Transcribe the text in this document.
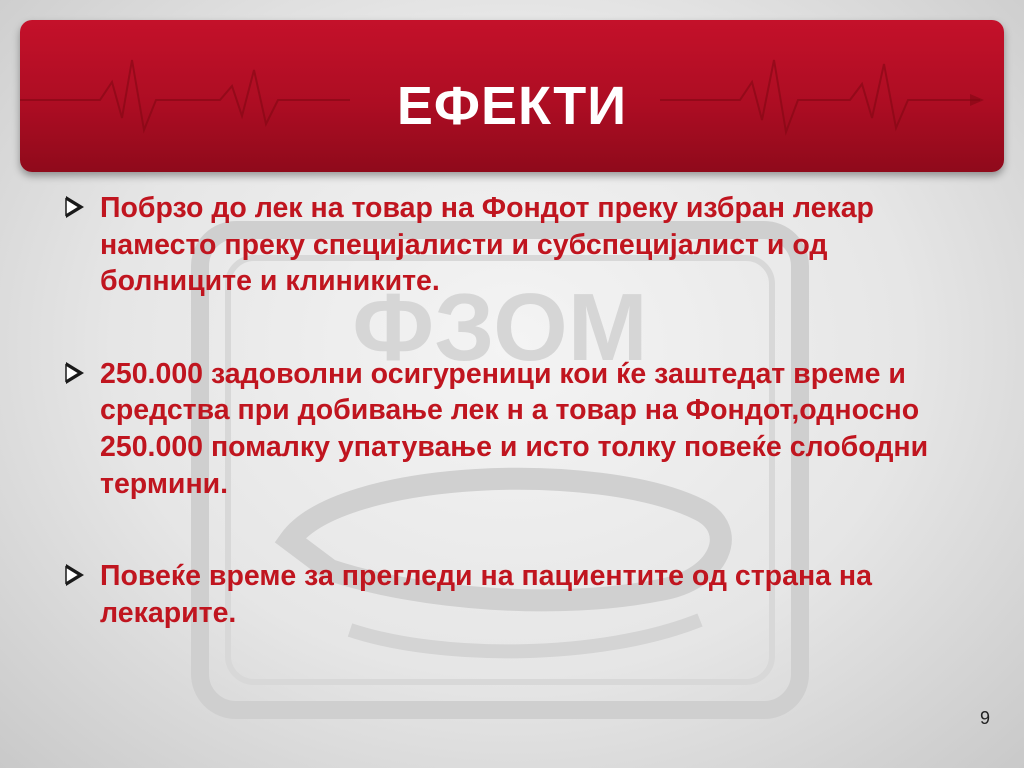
ФЗОМ
ЕФЕКТИ
Побрзо до лек на товар на Фондот преку избран лекар наместо преку специјалисти и субспецијалист и од болниците и клиниките.
250.000 задоволни осигуреници кои ќе заштедат време и средства при добивање лек н а товар на Фондот,односно 250.000 помалку упатување и исто толку повеќе слободни термини.
Повеќе време за прегледи на пациентите од страна на лекарите.
9
